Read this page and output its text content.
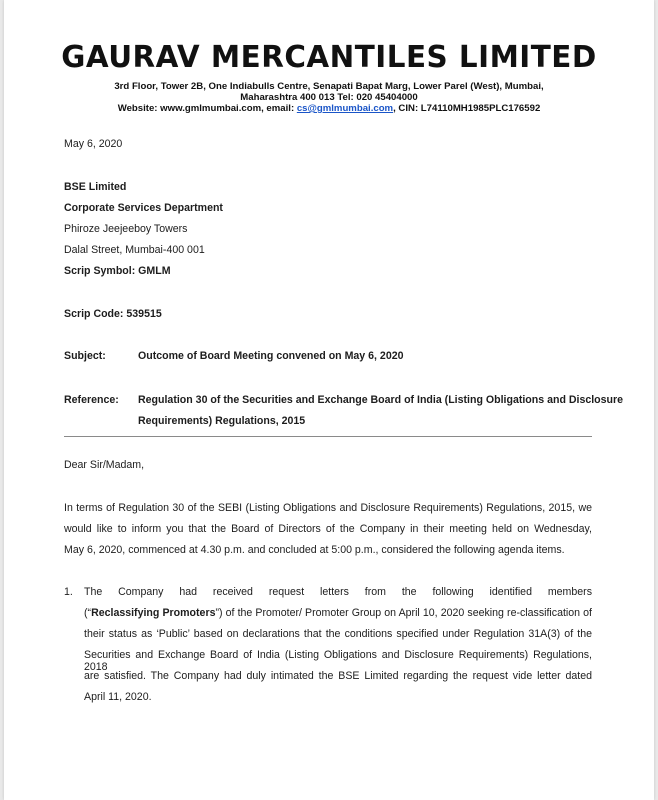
GAURAV MERCANTILES LIMITED
3rd Floor, Tower 2B, One Indiabulls Centre, Senapati Bapat Marg, Lower Parel (West), Mumbai,
Maharashtra 400 013 Tel: 020 45404000
Website: www.gmlmumbai.com, email: cs@gmlmumbai.com, CIN: L74110MH1985PLC176592
May 6, 2020
BSE Limited
Corporate Services Department
Phiroze Jeejeeboy Towers
Dalal Street, Mumbai-400 001
Scrip Symbol: GMLM
Scrip Code: 539515
Subject:	Outcome of Board Meeting convened on May 6, 2020
Reference: Regulation 30 of the Securities and Exchange Board of India (Listing Obligations and Disclosure
Requirements) Regulations, 2015
Dear Sir/Madam,
In terms of Regulation 30 of the SEBI (Listing Obligations and Disclosure Requirements) Regulations, 2015, we
would like to inform you that the Board of Directors of the Company in their meeting held on Wednesday,
May 6, 2020, commenced at 4.30 p.m. and concluded at 5:00 p.m., considered the following agenda items.
1. The Company had received request letters from the following identified members
(“Reclassifying Promoters”) of the Promoter/ Promoter Group on April 10, 2020 seeking re-classification of
their status as ‘Public’ based on declarations that the conditions specified under Regulation 31A(3) of the
Securities and Exchange Board of India (Listing Obligations and Disclosure Requirements) Regulations, 2018
are satisfied. The Company had duly intimated the BSE Limited regarding the request vide letter dated
April 11, 2020.
